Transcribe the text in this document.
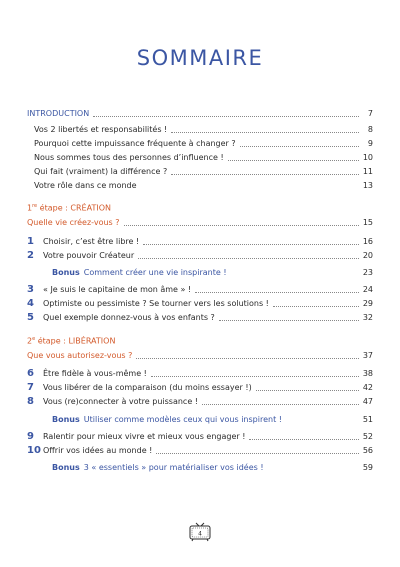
SOMMAIRE
INTRODUCTION	7
Vos 2 libertés et responsabilités !	8
Pourquoi cette impuissance fréquente à changer ?	9
Nous sommes tous des personnes d’influence !	10
Qui fait (vraiment) la différence ?	11
Votre rôle dans ce monde	13
1re étape : CRÉATION
Quelle vie créez-vous ?	15
1 Choisir, c’est être libre !	16
2 Votre pouvoir Créateur	20
Bonus Comment créer une vie inspirante !	23
3 « Je suis le capitaine de mon âme » !	24
4 Optimiste ou pessimiste ? Se tourner vers les solutions !	29
5 Quel exemple donnez-vous à vos enfants ?	32
2e étape : LIBÉRATION
Que vous autorisez-vous ?	37
6 Être fidèle à vous-même !	38
7 Vous libérer de la comparaison (du moins essayer !)	42
8 Vous (re)connecter à votre puissance !	47
Bonus Utiliser comme modèles ceux qui vous inspirent !	51
9 Ralentir pour mieux vivre et mieux vous engager !	52
10 Offrir vos idées au monde !	56
Bonus 3 « essentiels » pour matérialiser vos idées !	59
4
